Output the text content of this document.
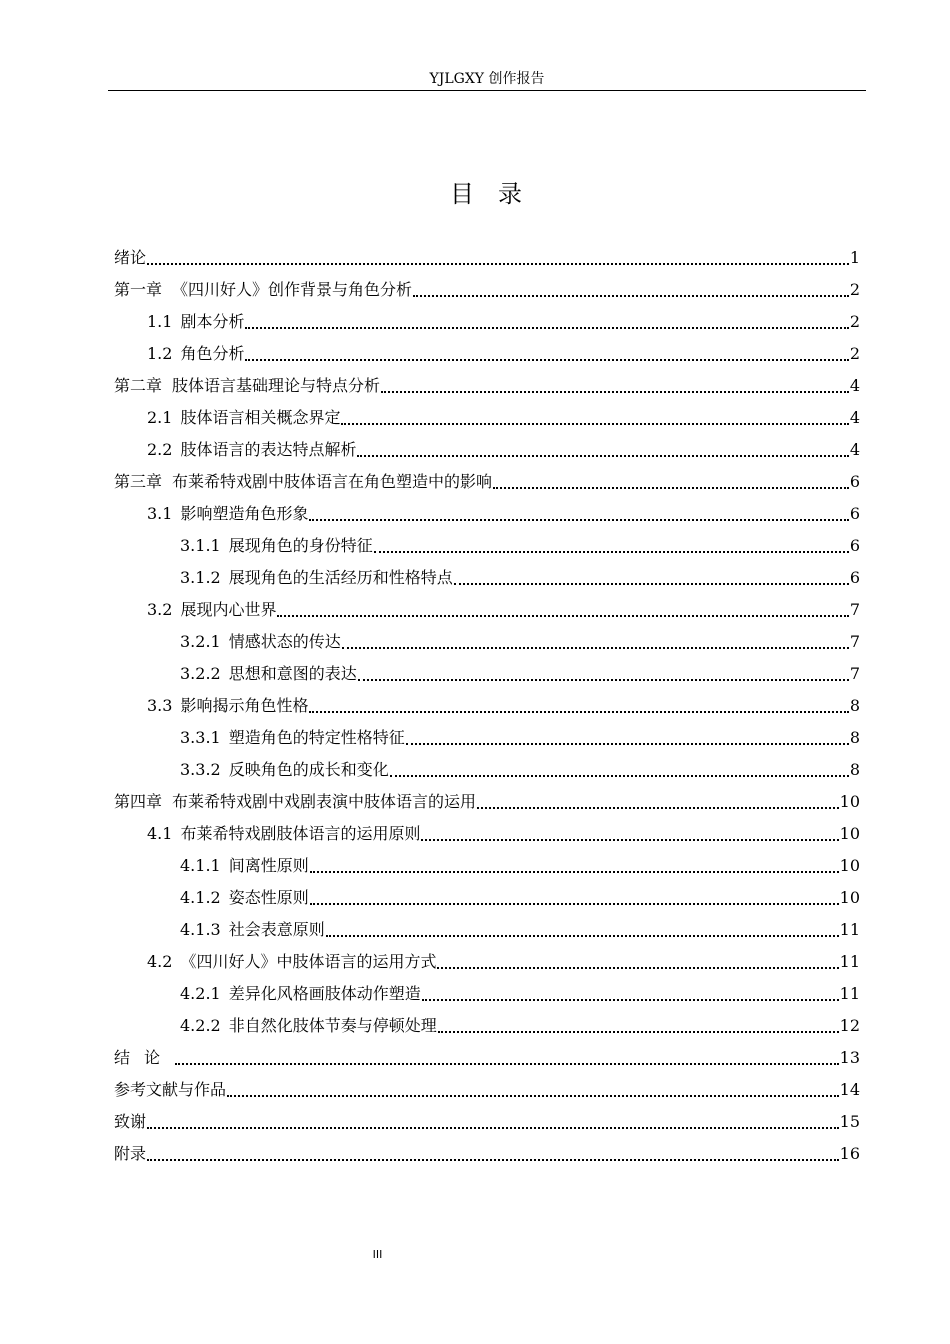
YJLGXY 创作报告
目 录
绪论	1
第一章 《四川好人》创作背景与角色分析	2
1.1 剧本分析	2
1.2 角色分析	2
第二章 肢体语言基础理论与特点分析	4
2.1 肢体语言相关概念界定	4
2.2 肢体语言的表达特点解析	4
第三章 布莱希特戏剧中肢体语言在角色塑造中的影响	6
3.1 影响塑造角色形象	6
3.1.1 展现角色的身份特征	6
3.1.2 展现角色的生活经历和性格特点	6
3.2 展现内心世界	7
3.2.1 情感状态的传达	7
3.2.2 思想和意图的表达	7
3.3 影响揭示角色性格	8
3.3.1 塑造角色的特定性格特征	8
3.3.2 反映角色的成长和变化	8
第四章 布莱希特戏剧中戏剧表演中肢体语言的运用	10
4.1 布莱希特戏剧肢体语言的运用原则	10
4.1.1 间离性原则	10
4.1.2 姿态性原则	10
4.1.3 社会表意原则	11
4.2 《四川好人》中肢体语言的运用方式	11
4.2.1 差异化风格画肢体动作塑造	11
4.2.2 非自然化肢体节奏与停顿处理	12
结论	13
参考文献与作品	14
致谢	15
附录	16
III
